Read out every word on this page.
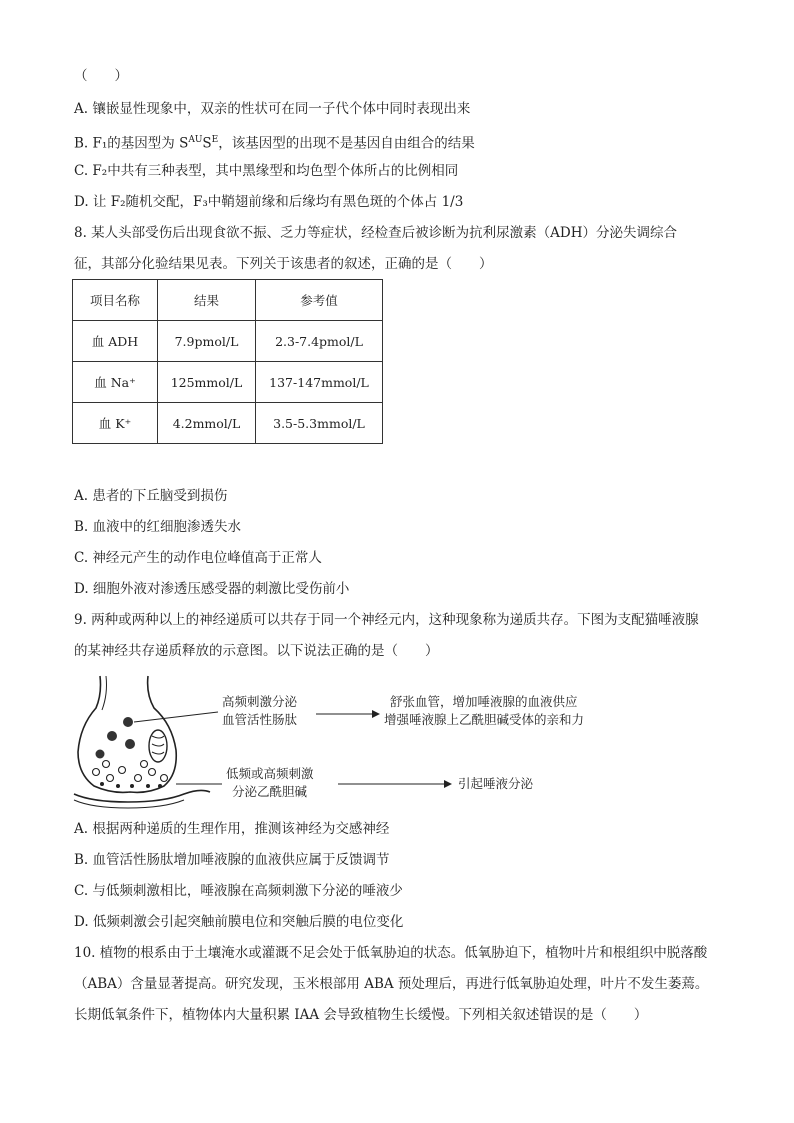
（　　）
A. 镶嵌显性现象中，双亲的性状可在同一子代个体中同时表现出来
B. F₁的基因型为 $S^{AU}S^E$，该基因型的出现不是基因自由组合的结果
C. F₂中共有三种表型，其中黑缘型和均色型个体所占的比例相同
D. 让 F₂随机交配，F₃中鞘翅前缘和后缘均有黑色斑的个体占 1/3
8. 某人头部受伤后出现食欲不振、乏力等症状，经检查后被诊断为抗利尿激素（ADH）分泌失调综合
征，其部分化验结果见表。下列关于该患者的叙述，正确的是（　　）
项目名称	结果	参考值
血 ADH	7.9pmol/L	2.3-7.4pmol/L
血 Na⁺	125mmol/L	137-147mmol/L
血 K⁺	4.2mmol/L	3.5-5.3mmol/L
A. 患者的下丘脑受到损伤
B. 血液中的红细胞渗透失水
C. 神经元产生的动作电位峰值高于正常人
D. 细胞外液对渗透压感受器的刺激比受伤前小
9. 两种或两种以上的神经递质可以共存于同一个神经元内，这种现象称为递质共存。下图为支配猫唾液腺
的某神经共存递质释放的示意图。以下说法正确的是（　　）
高频刺激分泌
血管活性肠肽
舒张血管，增加唾液腺的血液供应
增强唾液腺上乙酰胆碱受体的亲和力
低频或高频刺激
分泌乙酰胆碱
引起唾液分泌
A. 根据两种递质的生理作用，推测该神经为交感神经
B. 血管活性肠肽增加唾液腺的血液供应属于反馈调节
C. 与低频刺激相比，唾液腺在高频刺激下分泌的唾液少
D. 低频刺激会引起突触前膜电位和突触后膜的电位变化
10. 植物的根系由于土壤淹水或灌溉不足会处于低氧胁迫的状态。低氧胁迫下，植物叶片和根组织中脱落酸
（ABA）含量显著提高。研究发现，玉米根部用 ABA 预处理后，再进行低氧胁迫处理，叶片不发生萎蔫。
长期低氧条件下，植物体内大量积累 IAA 会导致植物生长缓慢。下列相关叙述错误的是（　　）
